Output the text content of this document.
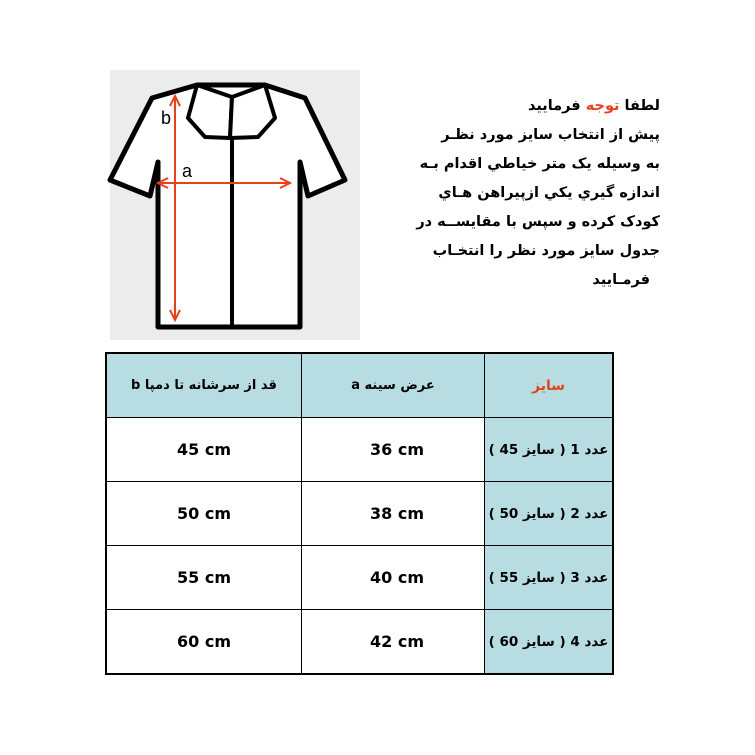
b
a
لطفا توجه فرمایید
پيش از انتخاب سايز مورد نظـر
به وسيله يک متر خياطي اقدام بـه
اندازه گيري يکي ازپيراهن هـاي
کودک کرده و سپس با مقايســه در
جدول سايز مورد نظر را انتخـاب
فرمـاييد
سایز	عرض سینه a	قد از سرشانه تا دمپا b
عدد 1 ( سایز 45 )	36 cm	45 cm
عدد 2 ( سایز 50 )	38 cm	50 cm
عدد 3 ( سایز 55 )	40 cm	55 cm
عدد 4 ( سایز 60 )	42 cm	60 cm
